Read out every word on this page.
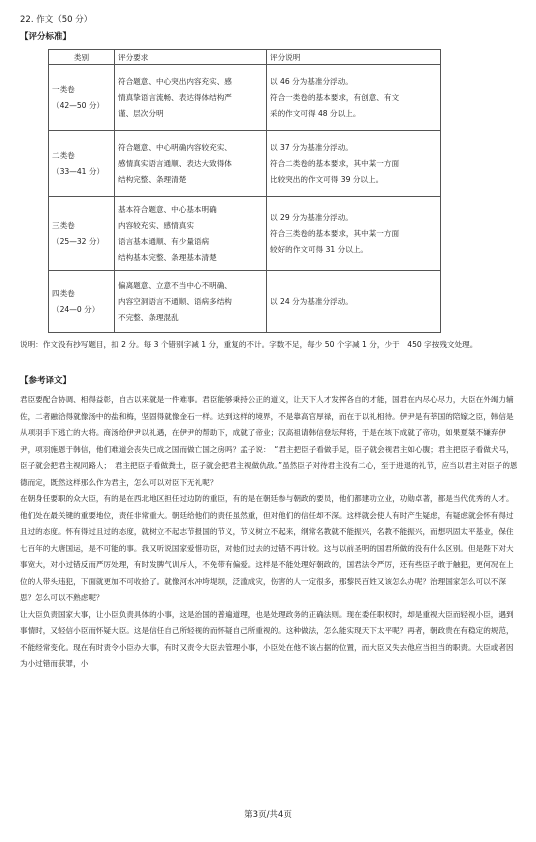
22. 作文（50 分）
【评分标准】
类别	评分要求	评分说明

一类卷
（42—50 分）	符合题意、中心突出内容充实、感
情真挚语言流畅、表达得体结构严
谨、层次分明	以 46 分为基准分浮动。
符合一类卷的基本要求，有创意、有文
采的作文可得 48 分以上。

二类卷
（33—41 分）	符合题意、中心明确内容较充实、
感情真实语言通顺、表达大致得体
结构完整、条理清楚	以 37 分为基准分浮动。
符合二类卷的基本要求，其中某一方面
比较突出的作文可得 39 分以上。

三类卷
（25—32 分）	基本符合题意、中心基本明确
内容较充实、感情真实
语言基本通顺、有少量语病
结构基本完整、条理基本清楚	以 29 分为基准分浮动。
符合三类卷的基本要求，其中某一方面
较好的作文可得 31 分以上。

四类卷
（24—0 分）	偏离题意、立意不当中心不明确、
内容空洞语言不通顺、语病多结构
不完整、条理混乱	以 24 分为基准分浮动。
说明：作文没有抄写题目，扣 2 分。每 3 个错别字减 1 分，重复的不计。字数不足，每少 50 个字减 1 分，少于　450 字按残文处理。
【参考译文】

君臣要配合协调、相得益彰，自古以来就是一件难事。君臣能够秉持公正的道义，让天下人才发挥各自的才能，国君在内尽心尽力，大臣在外竭力辅佐，二者融洽得就像汤中的盐和梅，坚固得就像金石一样。达到这样的境界，不是靠高官厚禄，而在于以礼相待。伊尹是有莘国的陪嫁之臣，韩信是从项羽手下逃亡的大将。商汤给伊尹以礼遇，在伊尹的帮助下，成就了帝业；汉高祖请韩信登坛拜将，于是在垓下成就了帝功，如果夏桀不嫌弃伊尹，项羽施恩于韩信，他们难道会丧失已成之国而做亡国之房吗？孟子说：　“君主把臣子看做手足，臣子就会视君主如心腹；君主把臣子看做犬马，臣子就会把君主视同路人；　君主把臣子看做粪土，臣子就会把君主视做仇敌。”虽然臣子对待君主没有二心，至于进退的礼节，应当以君主对臣子的恩德而定，既然这样那么作为君主，怎么可以对臣下无礼呢？

在朝身任要职的众大臣，有的是在西北地区担任过边防的重臣，有的是在朝廷参与朝政的要员，他们都建功立业，功勋卓著，都是当代优秀的人才。他们处在最关键的重要地位，责任非常重大。朝廷给他们的责任虽然重，但对他们的信任却不深。这样就会使人有时产生疑虑，有疑虑就会怀有得过且过的态度。怀有得过且过的态度，就树立不起志节报国的节义，节义树立不起来，纲常名教就不能振兴，名教不能振兴，而想巩固太平基业，保住七百年的大唐国运，是不可能的事。我又听说国家爱惜功臣，对他们过去的过错不再计较。这与以前圣明的国君所做的没有什么区别。但是陛下对大事宽大，对小过错反而严厉处理，有时发脾气训斥人，不免带有偏爱。这样是不能处理好朝政的，国君法令严厉，还有些臣子敢于触犯，更何况在上位的人带头违犯，下面就更加不可收拾了。就像河水冲垮堤坝，泛滥成灾，伤害的人一定很多，那黎民百姓又该怎么办呢？治理国家怎么可以不深思？怎么可以不熟虑呢？

让大臣负责国家大事，让小臣负责具体的小事，这是治国的普遍道理，也是处理政务的正确法则。现在委任职权时，却是重视大臣而轻视小臣，遇到事情时，又轻信小臣而怀疑大臣。这是信任自己所轻视的而怀疑自己所重视的。这种做法，怎么能实现天下太平呢？再者，朝政贵在有稳定的规范，不能经常变化。现在有时责令小臣办大事，有时又责令大臣去管理小事，小臣处在他不该占据的位置，而大臣又失去他应当担当的职责。大臣或者因为小过错而获罪，小

第3页/共4页
